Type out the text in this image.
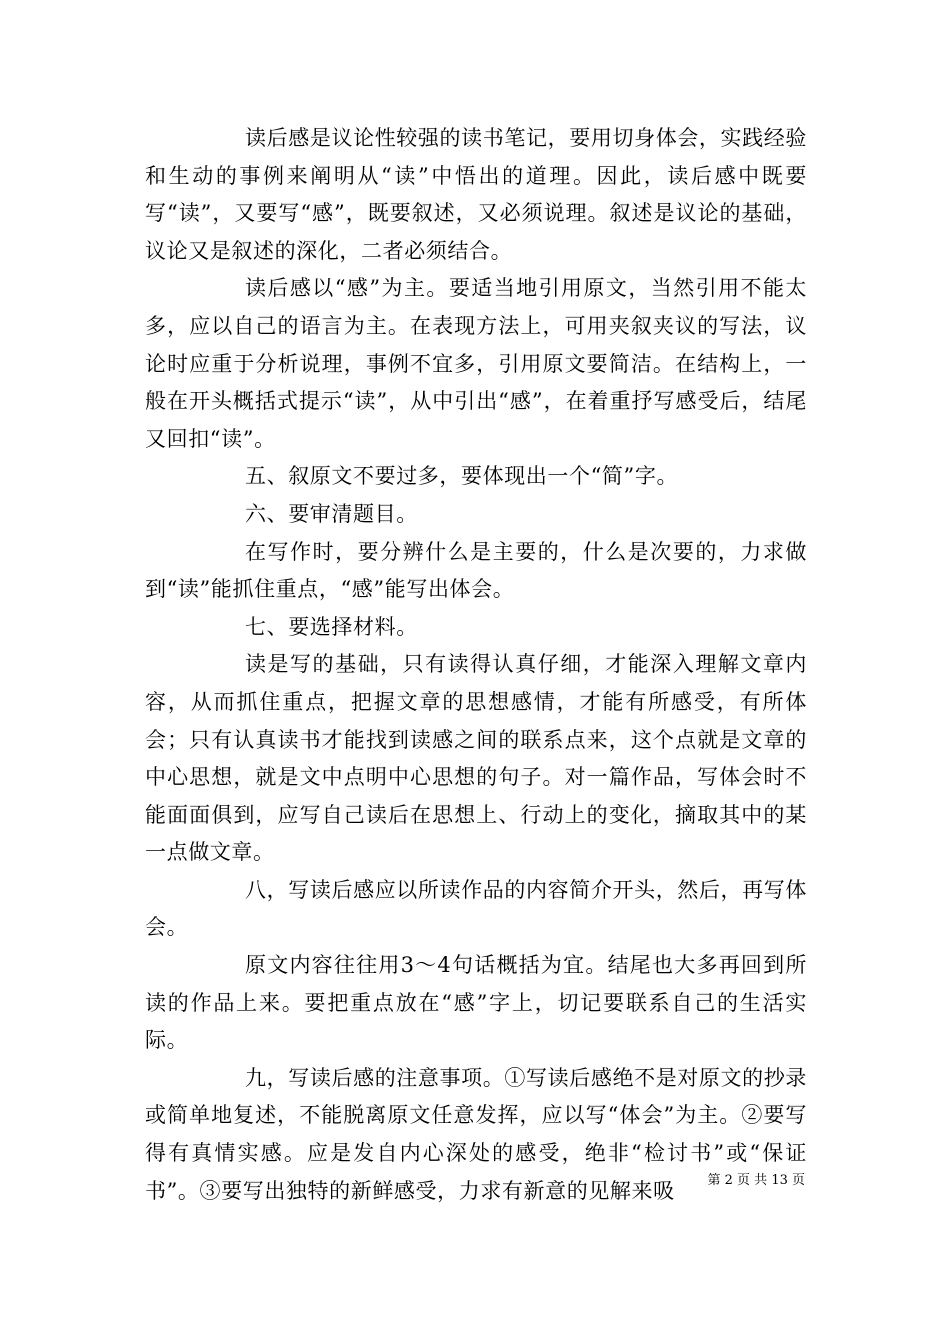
读后感是议论性较强的读书笔记，要用切身体会，实践经验和生动的事例来阐明从“读”中悟出的道理。因此，读后感中既要写“读”，又要写“感”，既要叙述，又必须说理。叙述是议论的基础，议论又是叙述的深化，二者必须结合。

读后感以“感”为主。要适当地引用原文，当然引用不能太多，应以自己的语言为主。在表现方法上，可用夹叙夹议的写法，议论时应重于分析说理，事例不宜多，引用原文要简洁。在结构上，一般在开头概括式提示“读”，从中引出“感”，在着重抒写感受后，结尾又回扣“读”。

五、叙原文不要过多，要体现出一个“简”字。

六、要审清题目。

在写作时，要分辨什么是主要的，什么是次要的，力求做到“读”能抓住重点，“感”能写出体会。

七、要选择材料。

读是写的基础，只有读得认真仔细，才能深入理解文章内容，从而抓住重点，把握文章的思想感情，才能有所感受，有所体会；只有认真读书才能找到读感之间的联系点来，这个点就是文章的中心思想，就是文中点明中心思想的句子。对一篇作品，写体会时不能面面俱到，应写自己读后在思想上、行动上的变化，摘取其中的某一点做文章。

八，写读后感应以所读作品的内容简介开头，然后，再写体会。

原文内容往往用3～4句话概括为宜。结尾也大多再回到所读的作品上来。要把重点放在“感”字上，切记要联系自己的生活实际。

九，写读后感的注意事项。①写读后感绝不是对原文的抄录或简单地复述，不能脱离原文任意发挥，应以写“体会”为主。②要写得有真情实感。应是发自内心深处的感受，绝非“检讨书”或“保证书”。③要写出独特的新鲜感受，力求有新意的见解来吸	第 2 页 共 13 页
